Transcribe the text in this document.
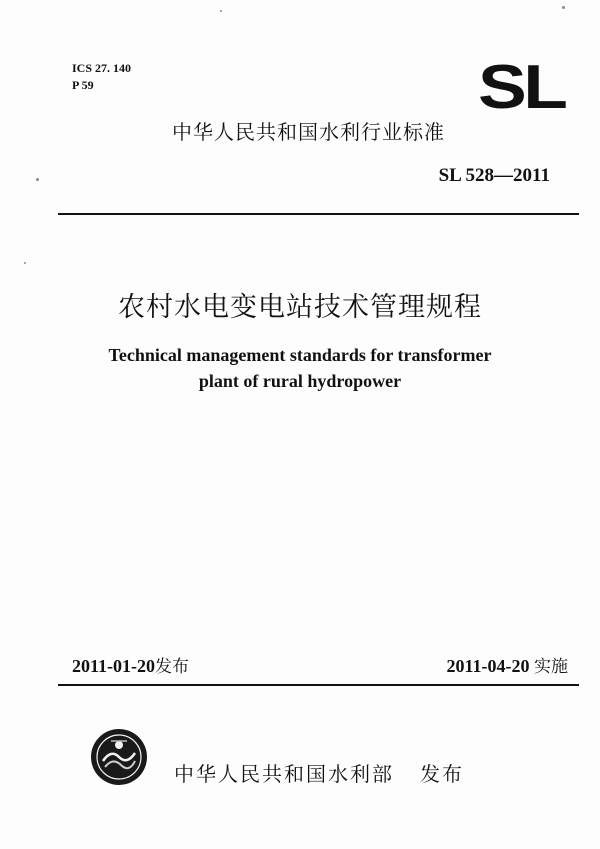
ICS 27. 140
P 59	SL
中华人民共和国水利行业标准
SL 528—2011
农村水电变电站技术管理规程
Technical management standards for transformer
plant of rural hydropower
2011-01-20发布	2011-04-20 实施
中华人民共和国水利部 发布
